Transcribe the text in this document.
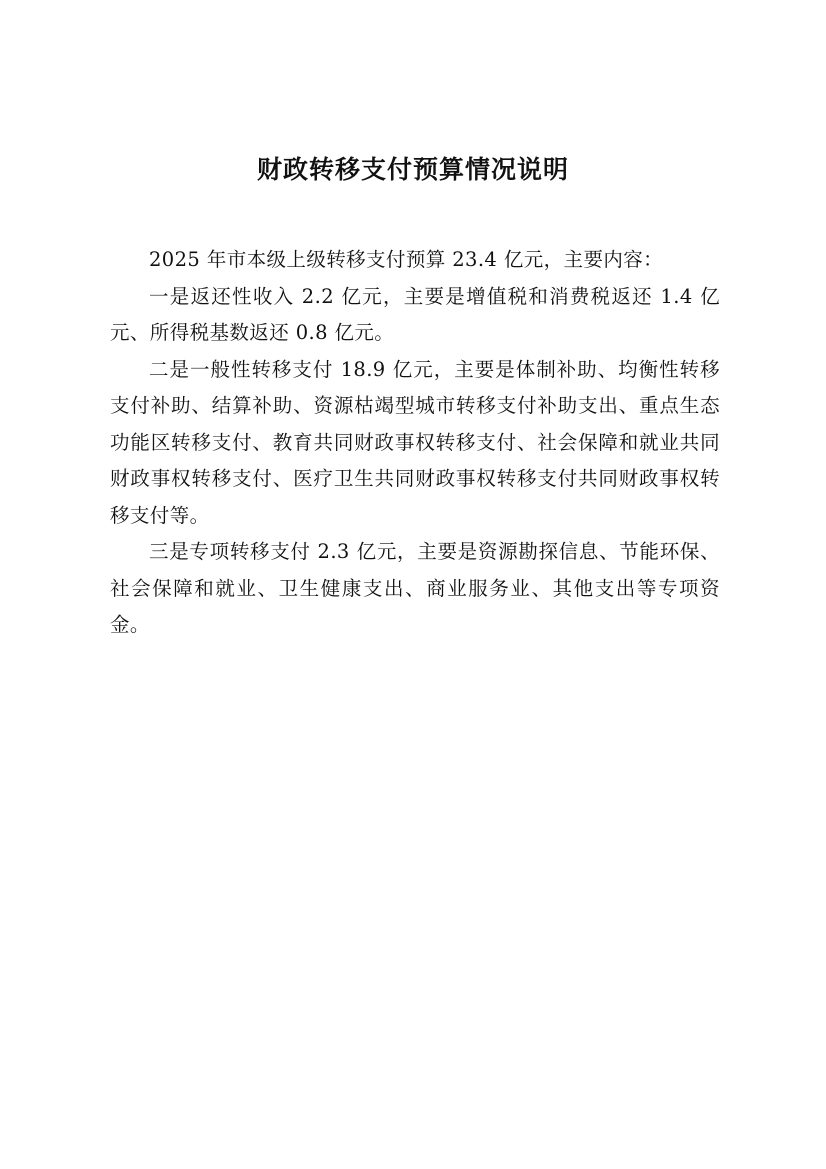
财政转移支付预算情况说明

2025 年市本级上级转移支付预算 23.4 亿元，主要内容：

一是返还性收入 2.2 亿元，主要是增值税和消费税返还 1.4 亿元、所得税基数返还 0.8 亿元。

二是一般性转移支付 18.9 亿元，主要是体制补助、均衡性转移支付补助、结算补助、资源枯竭型城市转移支付补助支出、重点生态功能区转移支付、教育共同财政事权转移支付、社会保障和就业共同财政事权转移支付、医疗卫生共同财政事权转移支付共同财政事权转移支付等。

三是专项转移支付 2.3 亿元，主要是资源勘探信息、节能环保、社会保障和就业、卫生健康支出、商业服务业、其他支出等专项资金。
